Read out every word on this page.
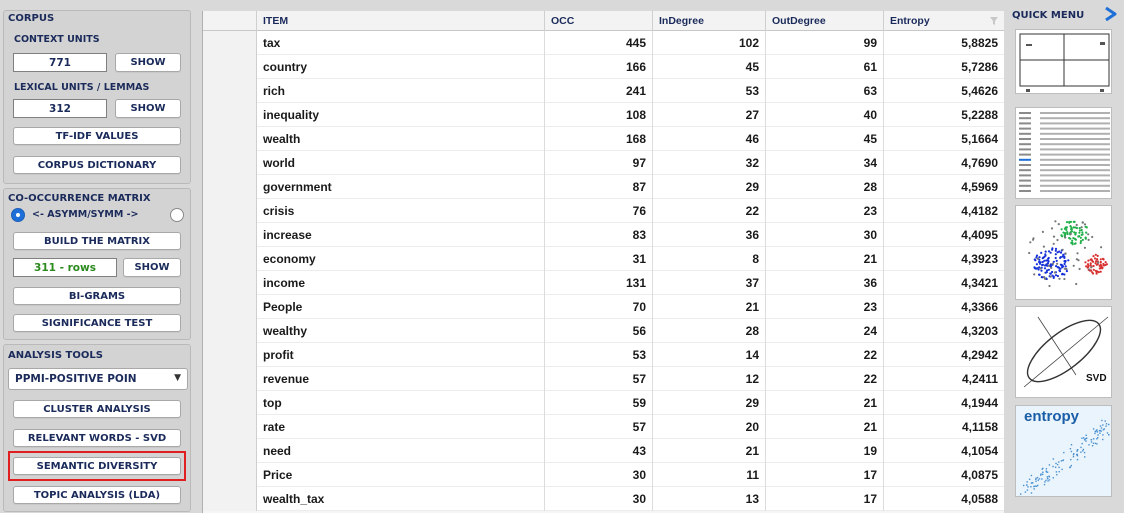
CORPUS
CONTEXT UNITS
771	SHOW
LEXICAL UNITS / LEMMAS
312	SHOW
TF-IDF VALUES
CORPUS DICTIONARY
CO-OCCURRENCE MATRIX
<- ASYMM/SYMM ->
BUILD THE MATRIX
311 - rows	SHOW
BI-GRAMS
SIGNIFICANCE TEST
ANALYSIS TOOLS
PPMI-POSITIVE POIN	▼
CLUSTER ANALYSIS
RELEVANT WORDS - SVD
SEMANTIC DIVERSITY
TOPIC ANALYSIS (LDA)
ITEM	OCC	InDegree	OutDegree	Entropy
tax	445	102	99	5,8825
country	166	45	61	5,7286
rich	241	53	63	5,4626
inequality	108	27	40	5,2288
wealth	168	46	45	5,1664
world	97	32	34	4,7690
government	87	29	28	4,5969
crisis	76	22	23	4,4182
increase	83	36	30	4,4095
economy	31	8	21	4,3923
income	131	37	36	4,3421
People	70	21	23	4,3366
wealthy	56	28	24	4,3203
profit	53	14	22	4,2942
revenue	57	12	22	4,2411
top	59	29	21	4,1944
rate	57	20	21	4,1158
need	43	21	19	4,1054
Price	30	11	17	4,0875
wealth_tax	30	13	17	4,0588
QUICK MENU
SVD
entropy
